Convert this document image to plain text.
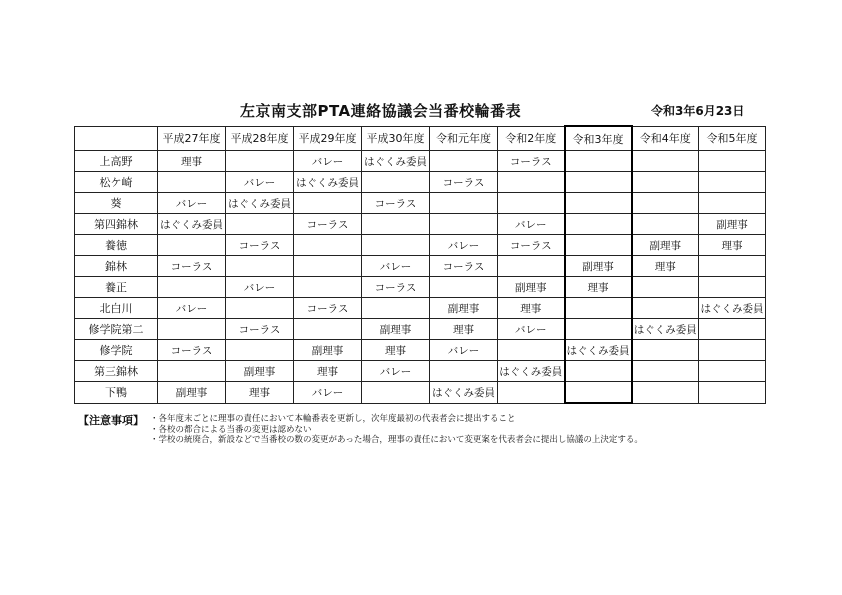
左京南支部PTA連絡協議会当番校輪番表	令和3年6月23日
	平成27年度	平成28年度	平成29年度	平成30年度	令和元年度	令和2年度	令和3年度	令和4年度	令和5年度
上高野	理事		バレー	はぐくみ委員		コーラス			
松ケ崎		バレー	はぐくみ委員		コーラス				
葵	バレー	はぐくみ委員		コーラス					
第四錦林	はぐくみ委員		コーラス			バレー			副理事
養徳		コーラス			バレー	コーラス		副理事	理事
錦林	コーラス			バレー	コーラス		副理事	理事	
養正		バレー		コーラス		副理事	理事		
北白川	バレー		コーラス		副理事	理事			はぐくみ委員
修学院第二		コーラス		副理事	理事	バレー		はぐくみ委員	
修学院	コーラス		副理事	理事	バレー		はぐくみ委員		
第三錦林		副理事	理事	バレー		はぐくみ委員			
下鴨	副理事	理事	バレー		はぐくみ委員				
【注意事項】 ・各年度末ごとに理事の責任において本輪番表を更新し，次年度最初の代表者会に提出すること
・各校の都合による当番の変更は認めない
・学校の統廃合，新設などで当番校の数の変更があった場合，理事の責任において変更案を代表者会に提出し協議の上決定する。
